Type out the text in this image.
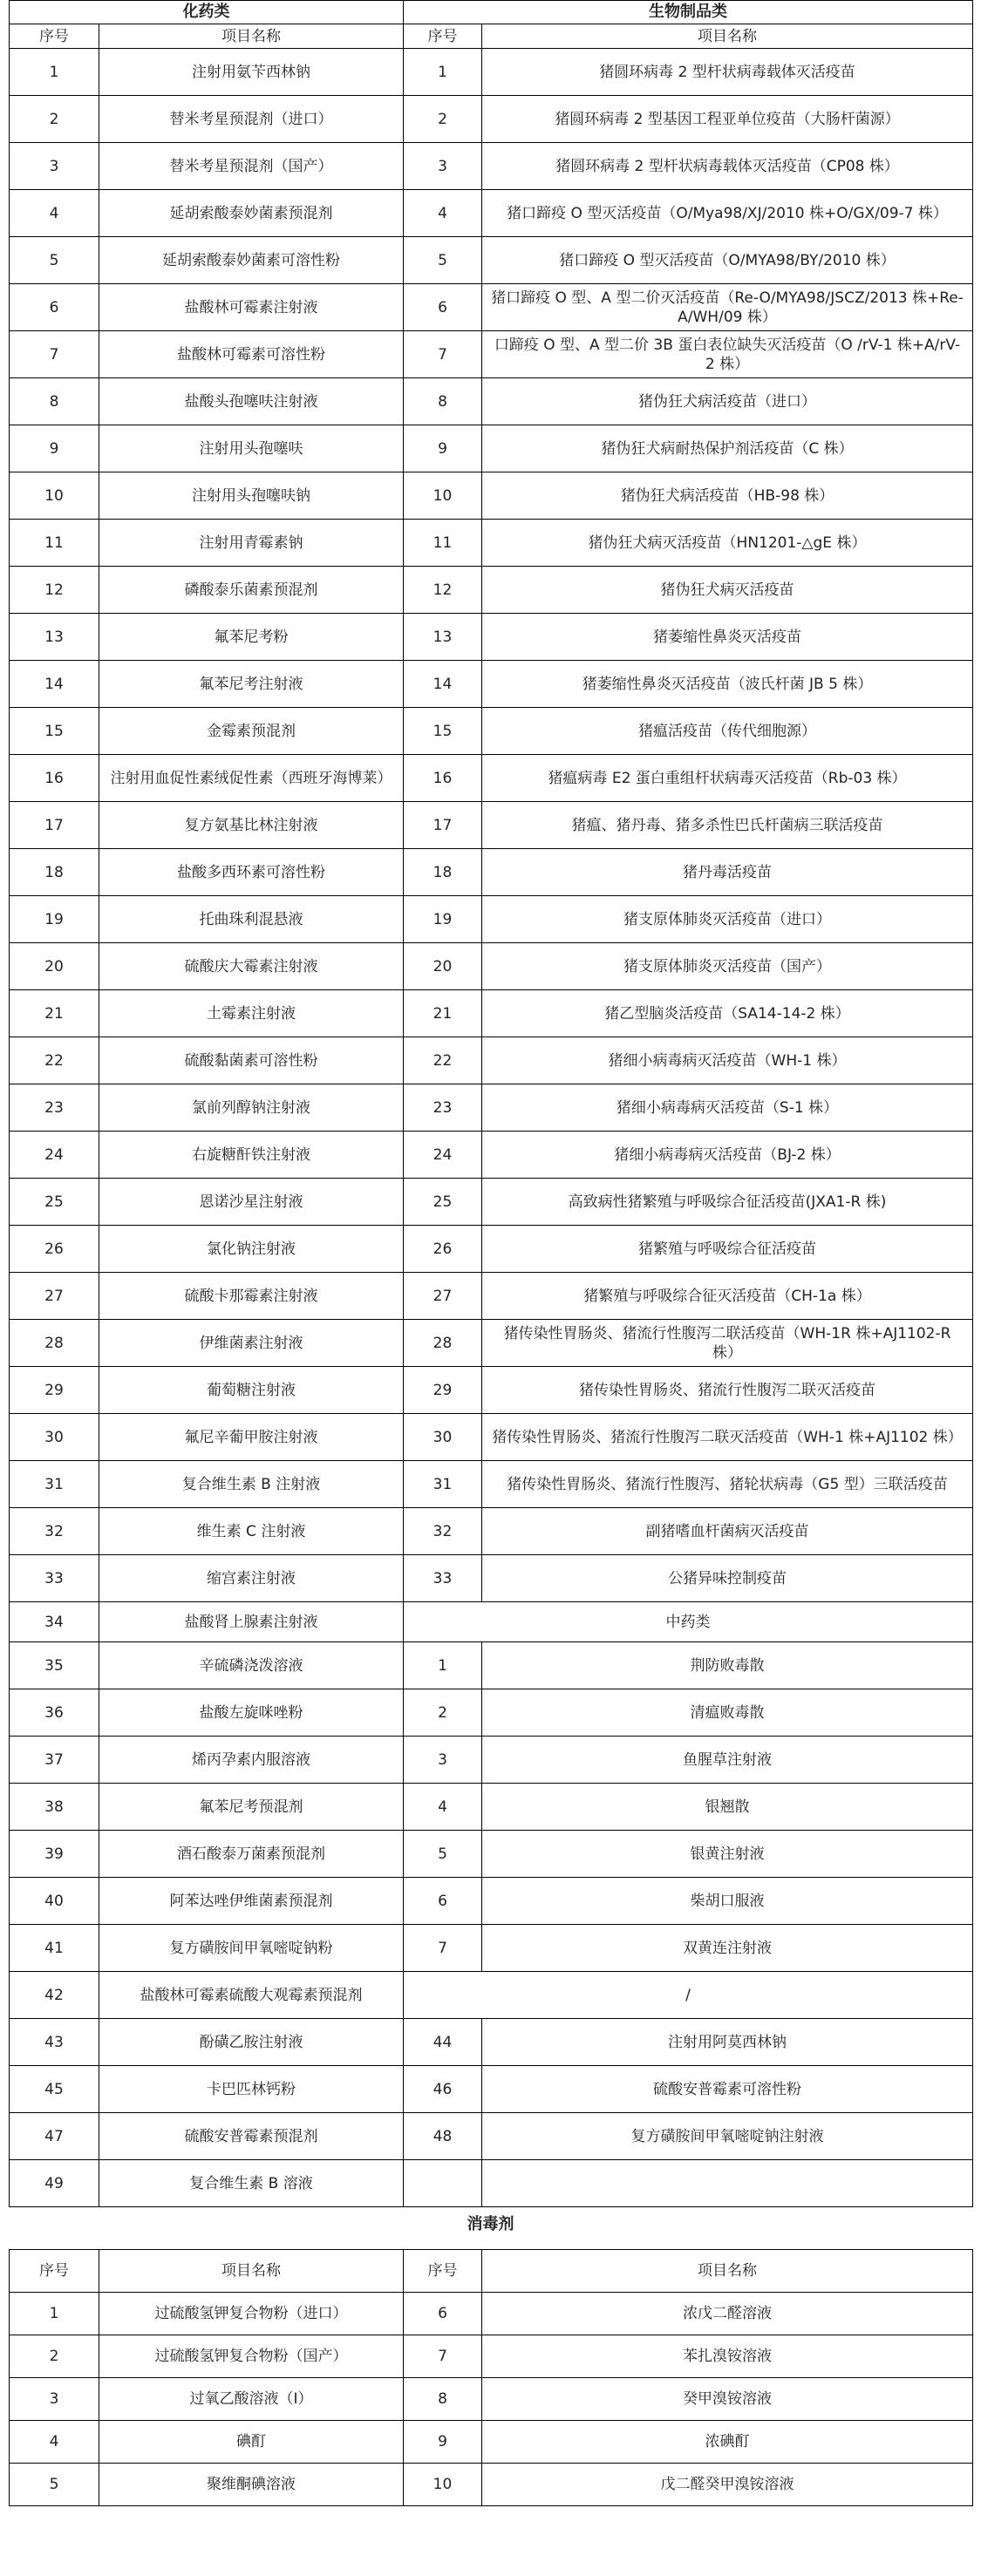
化药类		生物制品类	
序号	项目名称	序号	项目名称
1	注射用氨苄西林钠	1	猪圆环病毒 2 型杆状病毒载体灭活疫苗
2	替米考星预混剂（进口）	2	猪圆环病毒 2 型基因工程亚单位疫苗（大肠杆菌源）
3	替米考星预混剂（国产）	3	猪圆环病毒 2 型杆状病毒载体灭活疫苗（CP08 株）
4	延胡索酸泰妙菌素预混剂	4	猪口蹄疫 O 型灭活疫苗（O/Mya98/XJ/2010 株+O/GX/09-7 株）
5	延胡索酸泰妙菌素可溶性粉	5	猪口蹄疫 O 型灭活疫苗（O/MYA98/BY/2010 株）
6	盐酸林可霉素注射液	6	猪口蹄疫 O 型、A 型二价灭活疫苗（Re-O/MYA98/JSCZ/2013 株+Re-A/WH/09 株）
7	盐酸林可霉素可溶性粉	7	口蹄疫 O 型、A 型二价 3B 蛋白表位缺失灭活疫苗（O /rV-1 株+A/rV-2 株）
8	盐酸头孢噻呋注射液	8	猪伪狂犬病活疫苗（进口）
9	注射用头孢噻呋	9	猪伪狂犬病耐热保护剂活疫苗（C 株）
10	注射用头孢噻呋钠	10	猪伪狂犬病活疫苗（HB-98 株）
11	注射用青霉素钠	11	猪伪狂犬病灭活疫苗（HN1201-△gE 株）
12	磷酸泰乐菌素预混剂	12	猪伪狂犬病灭活疫苗
13	氟苯尼考粉	13	猪萎缩性鼻炎灭活疫苗
14	氟苯尼考注射液	14	猪萎缩性鼻炎灭活疫苗（波氏杆菌 JB 5 株）
15	金霉素预混剂	15	猪瘟活疫苗（传代细胞源）
16	注射用血促性素绒促性素（西班牙海博莱）	16	猪瘟病毒 E2 蛋白重组杆状病毒灭活疫苗（Rb-03 株）
17	复方氨基比林注射液	17	猪瘟、猪丹毒、猪多杀性巴氏杆菌病三联活疫苗
18	盐酸多西环素可溶性粉	18	猪丹毒活疫苗
19	托曲珠利混悬液	19	猪支原体肺炎灭活疫苗（进口）
20	硫酸庆大霉素注射液	20	猪支原体肺炎灭活疫苗（国产）
21	土霉素注射液	21	猪乙型脑炎活疫苗（SA14-14-2 株）
22	硫酸黏菌素可溶性粉	22	猪细小病毒病灭活疫苗（WH-1 株）
23	氯前列醇钠注射液	23	猪细小病毒病灭活疫苗（S-1 株）
24	右旋糖酐铁注射液	24	猪细小病毒病灭活疫苗（BJ-2 株）
25	恩诺沙星注射液	25	高致病性猪繁殖与呼吸综合征活疫苗(JXA1-R 株)
26	氯化钠注射液	26	猪繁殖与呼吸综合征活疫苗
27	硫酸卡那霉素注射液	27	猪繁殖与呼吸综合征灭活疫苗（CH-1a 株）
28	伊维菌素注射液	28	猪传染性胃肠炎、猪流行性腹泻二联活疫苗（WH-1R 株+AJ1102-R 株）
29	葡萄糖注射液	29	猪传染性胃肠炎、猪流行性腹泻二联灭活疫苗
30	氟尼辛葡甲胺注射液	30	猪传染性胃肠炎、猪流行性腹泻二联灭活疫苗（WH-1 株+AJ1102 株）
31	复合维生素 B 注射液	31	猪传染性胃肠炎、猪流行性腹泻、猪轮状病毒（G5 型）三联活疫苗
32	维生素 C 注射液	32	副猪嗜血杆菌病灭活疫苗
33	缩宫素注射液	33	公猪异味控制疫苗
34	盐酸肾上腺素注射液	中药类	
35	辛硫磷浇泼溶液	1	荆防败毒散
36	盐酸左旋咪唑粉	2	清瘟败毒散
37	烯丙孕素内服溶液	3	鱼腥草注射液
38	氟苯尼考预混剂	4	银翘散
39	酒石酸泰万菌素预混剂	5	银黄注射液
40	阿苯达唑伊维菌素预混剂	6	柴胡口服液
41	复方磺胺间甲氧嘧啶钠粉	7	双黄连注射液
42	盐酸林可霉素硫酸大观霉素预混剂	/	
43	酚磺乙胺注射液	44	注射用阿莫西林钠
45	卡巴匹林钙粉	46	硫酸安普霉素可溶性粉
47	硫酸安普霉素预混剂	48	复方磺胺间甲氧嘧啶钠注射液
49	复合维生素 B 溶液		
消毒剂
序号	项目名称	序号	项目名称
1	过硫酸氢钾复合物粉（进口）	6	浓戊二醛溶液
2	过硫酸氢钾复合物粉（国产）	7	苯扎溴铵溶液
3	过氧乙酸溶液（Ⅰ）	8	癸甲溴铵溶液
4	碘酊	9	浓碘酊
5	聚维酮碘溶液	10	戊二醛癸甲溴铵溶液
